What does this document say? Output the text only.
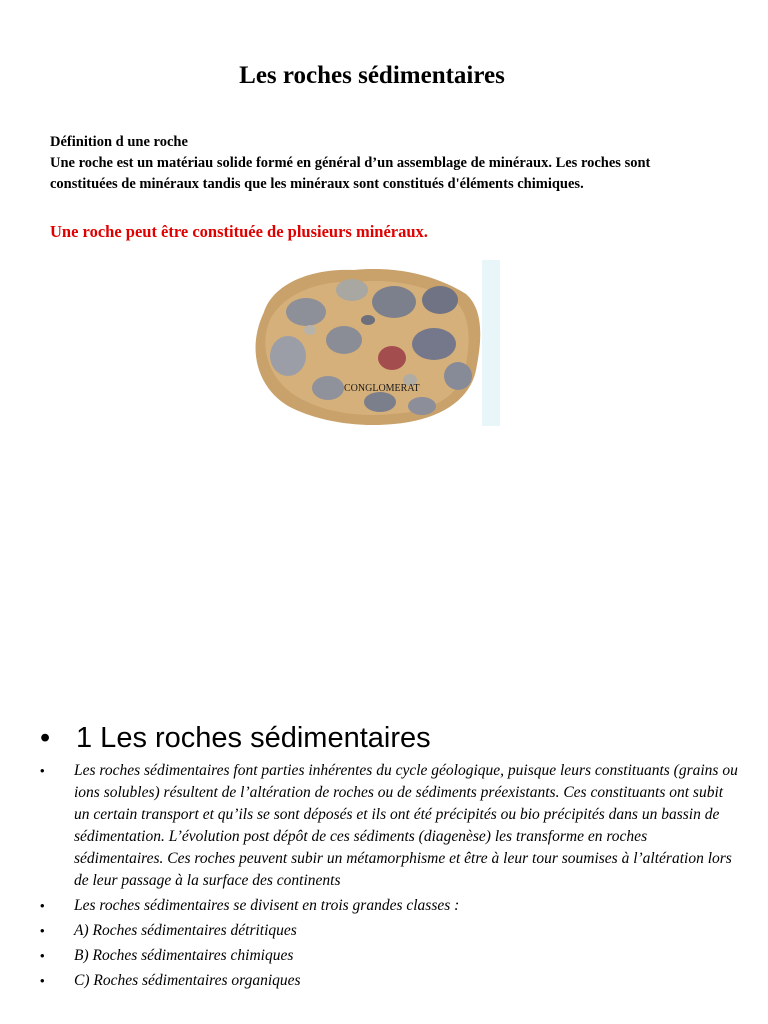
Les roches sédimentaires
Définition d une roche
Une roche est un matériau solide formé en général d’un assemblage de minéraux. Les roches sont constituées de minéraux tandis que les minéraux sont constitués d'éléments chimiques.
Une roche peut être constituée de plusieurs minéraux.
CONGLOMERAT
• 1 Les roches sédimentaires
• Les roches sédimentaires font parties inhérentes du cycle géologique, puisque leurs constituants (grains ou ions solubles) résultent de l’altération de roches ou de sédiments préexistants. Ces constituants ont subit un certain transport et qu’ils se sont déposés et ils ont été précipités ou bio précipités dans un bassin de sédimentation. L’évolution post dépôt de ces sédiments (diagenèse) les transforme en roches sédimentaires. Ces roches peuvent subir un métamorphisme et être à leur tour soumises à l’altération lors de leur passage à la surface des continents
• Les roches sédimentaires se divisent en trois grandes classes :
• A) Roches sédimentaires détritiques
• B) Roches sédimentaires chimiques
• C) Roches sédimentaires organiques
